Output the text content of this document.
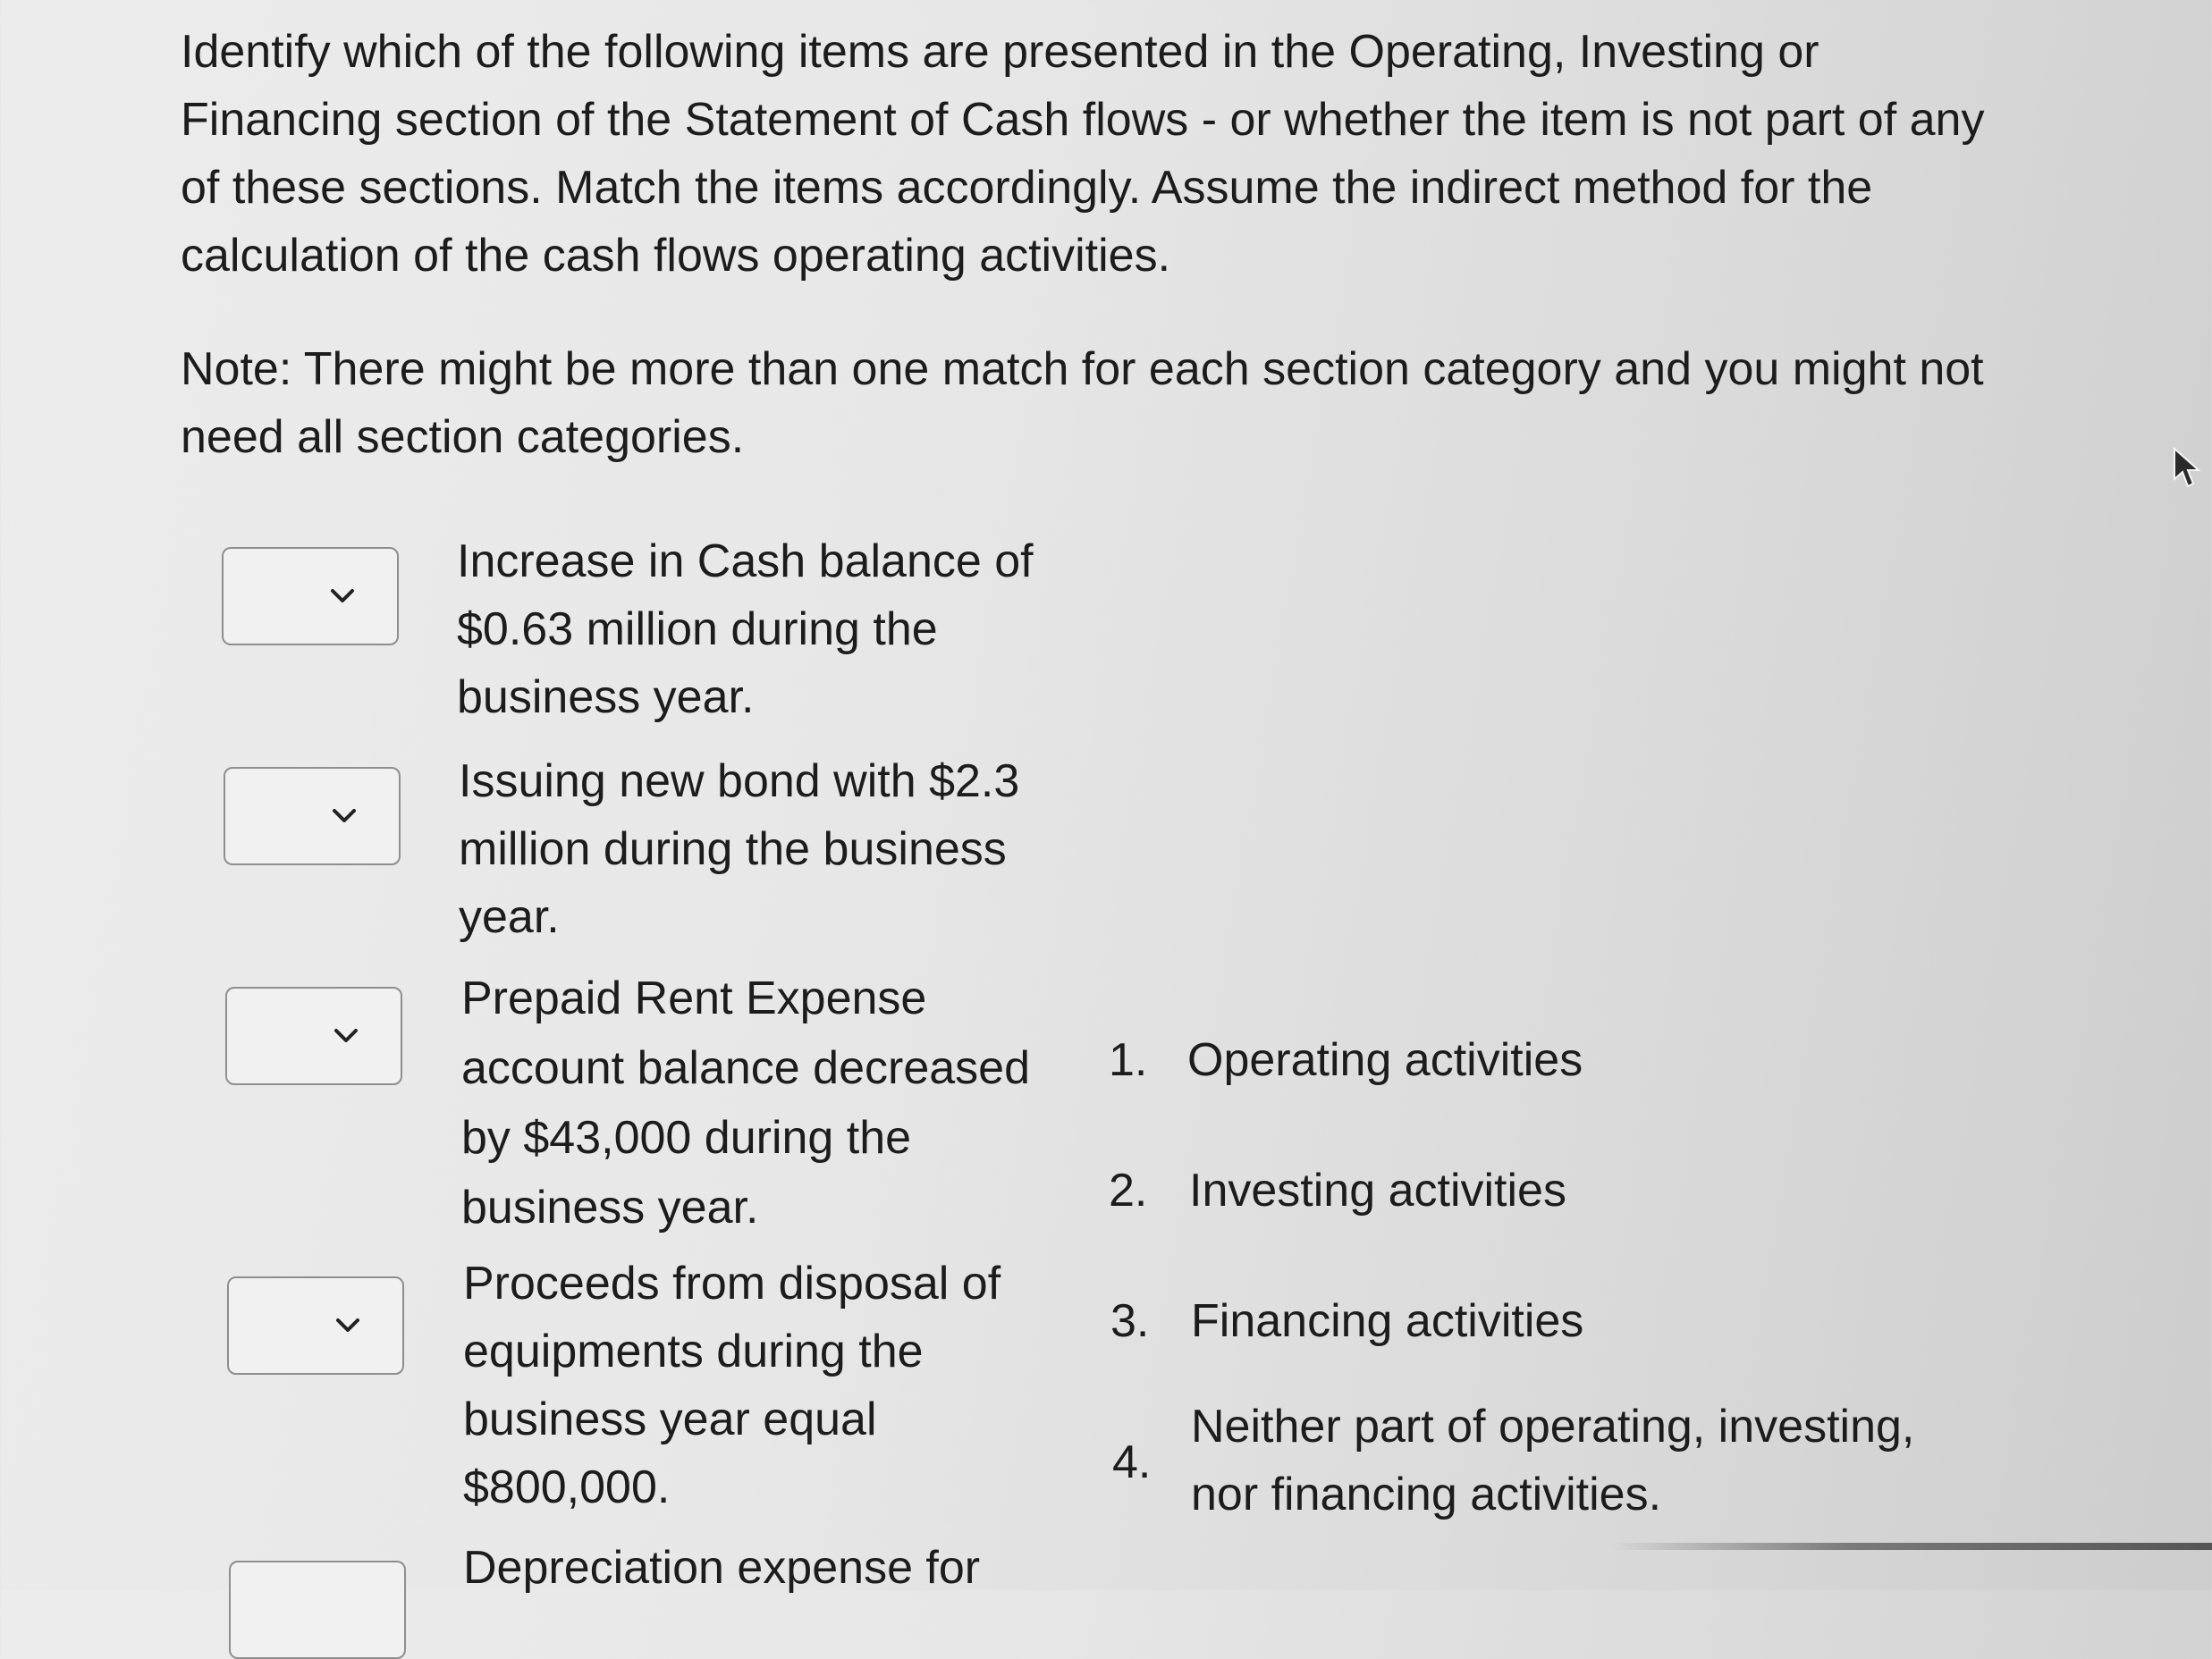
Identify which of the following items are presented in the Operating, Investing or Financing section of the Statement of Cash flows - or whether the item is not part of any of these sections. Match the items accordingly. Assume the indirect method for the calculation of the cash flows operating activities.

Note: There might be more than one match for each section category and you might not need all section categories.

Increase in Cash balance of $0.63 million during the business year.
Issuing new bond with $2.3 million during the business year.
Prepaid Rent Expense account balance decreased by $43,000 during the business year.
Proceeds from disposal of equipments during the business year equal $800,000.
Depreciation expense for
1. Operating activities
2. Investing activities
3. Financing activities
4.
Neither part of operating, investing, nor financing activities.
